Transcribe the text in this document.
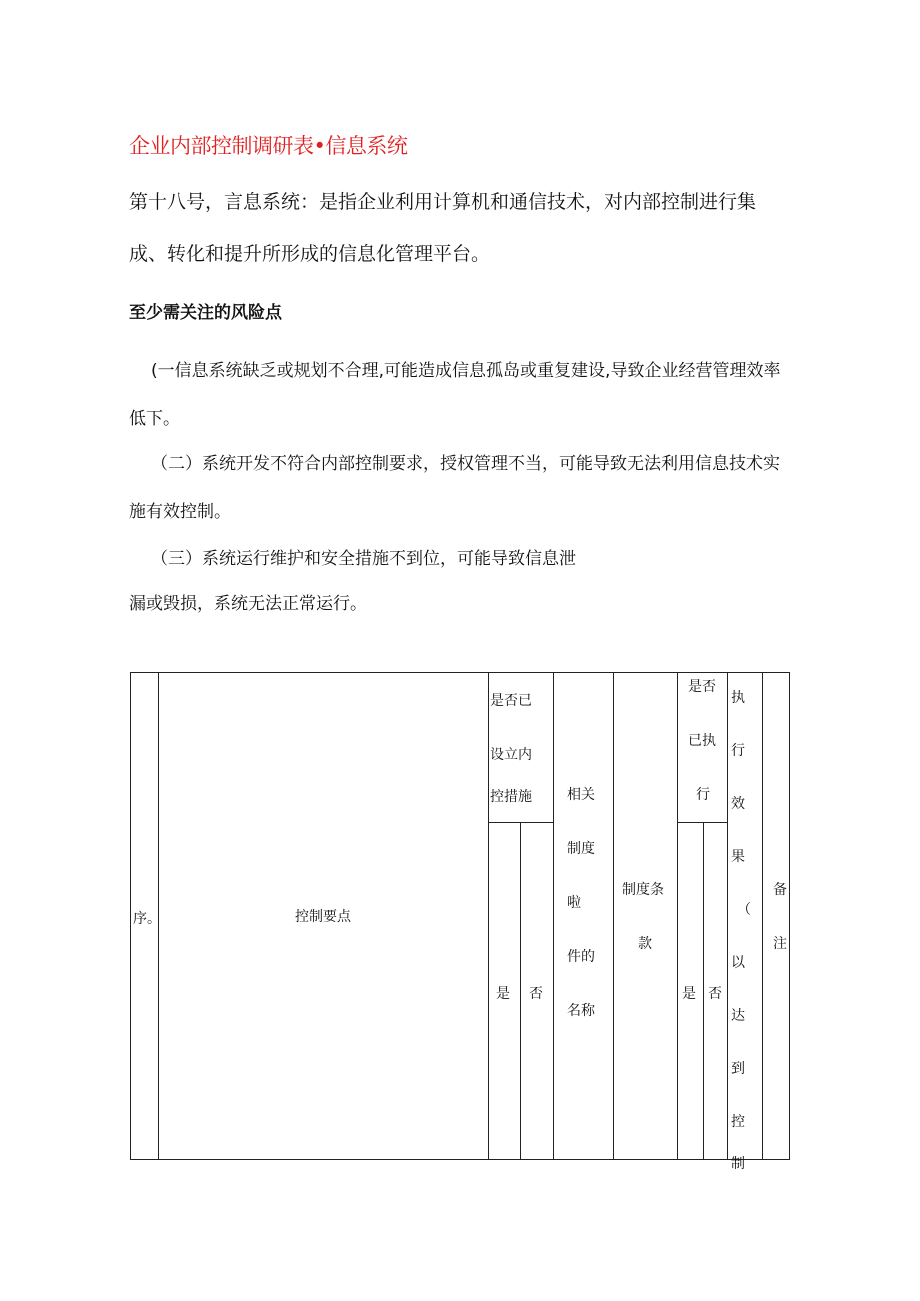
企业内部控制调研表•信息系统
第十八号，言息系统：是指企业利用计算机和通信技术，对内部控制进行集成、转化和提升所形成的信息化管理平台。
至少需关注的风险点
(一信息系统缺乏或规划不合理,可能造成信息孤岛或重复建设,导致企业经营管理效率低下。
（二）系统开发不符合内部控制要求，授权管理不当，可能导致无法利用信息技术实施有效控制。
（三）系统运行维护和安全措施不到位，可能导致信息泄
漏或毁损，系统无法正常运行。
序。	控制要点
是否已
设立内
控措施
是 否
相关
制度
啦
件的
名称
制度条
款
是否
已执
行
是 否
执
行
效
果
（
以
达
到
控
制
备
注
